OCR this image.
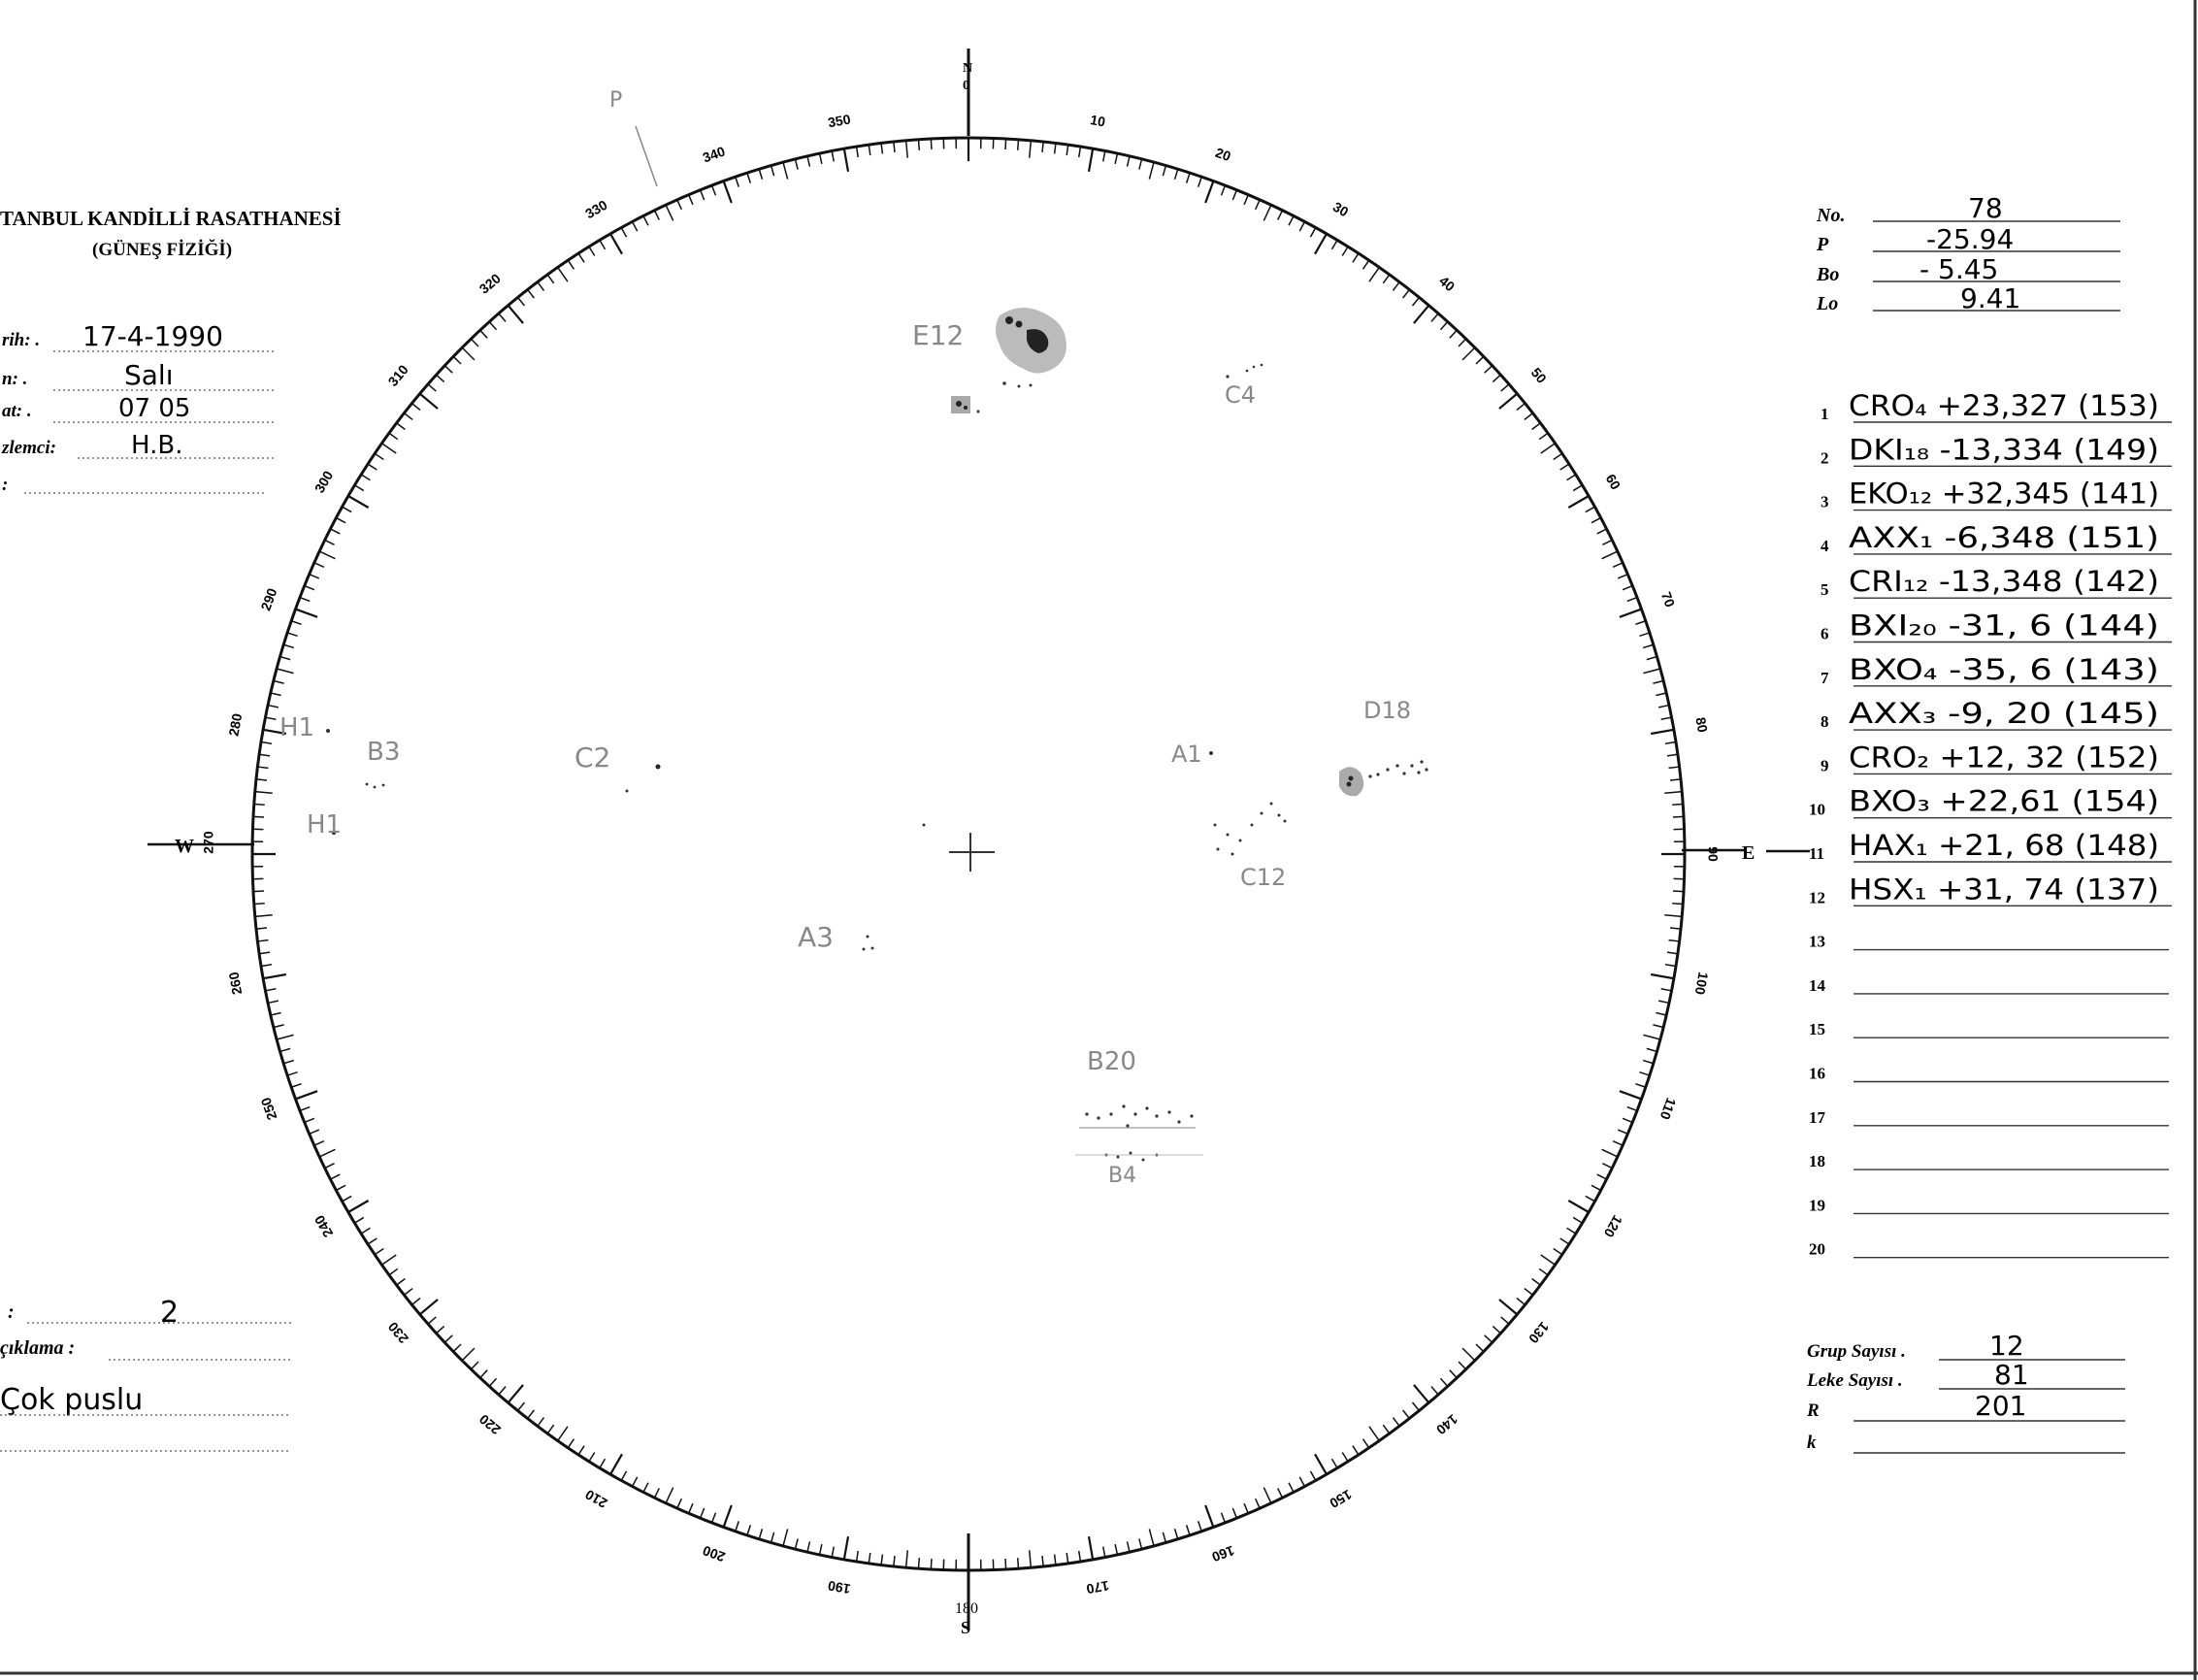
TANBUL KANDİLLİ RASATHANESİ
(GÜNEŞ FİZİĞİ)
rih: . 17-4-1990
n: .	Salı
at: .	07 05
zlemci:	H.B.
:
:	2
çıklama :
Çok puslu
No.	78
P	-25.94
Bo	- 5.45
Lo	9.41
1 CRO₄ +23,327 (153)
2 DKI₁₈ -13,334 (149)
3 EKO₁₂ +32,345 (141)
4 AXX₁ -6,348 (151)
5 CRI₁₂ -13,348 (142)
6 BXI₂₀ -31, 6 (144)
7 BXO₄ -35, 6 (143)
8 AXX₃ -9, 20 (145)
9 CRO₂ +12, 32 (152)
10 BXO₃ +22,61 (154)
11 HAX₁ +21, 68 (148)
12 HSX₁ +31, 74 (137)
13
14
15
16
17
18
19
20
Grup Sayısı .	12
Leke Sayısı .	81
R	201
k
10
20
30
40
50
60
70
80
90
100
110
120
130
140
150
160
170
190
200
210
220
230
240
250
260
280
290
300
310
320
330
340
350
270
N
0
180
S
W	E
P
E12
C4
D18
A1
C12
C2
B3
H1
H1
A3
B20
B4
